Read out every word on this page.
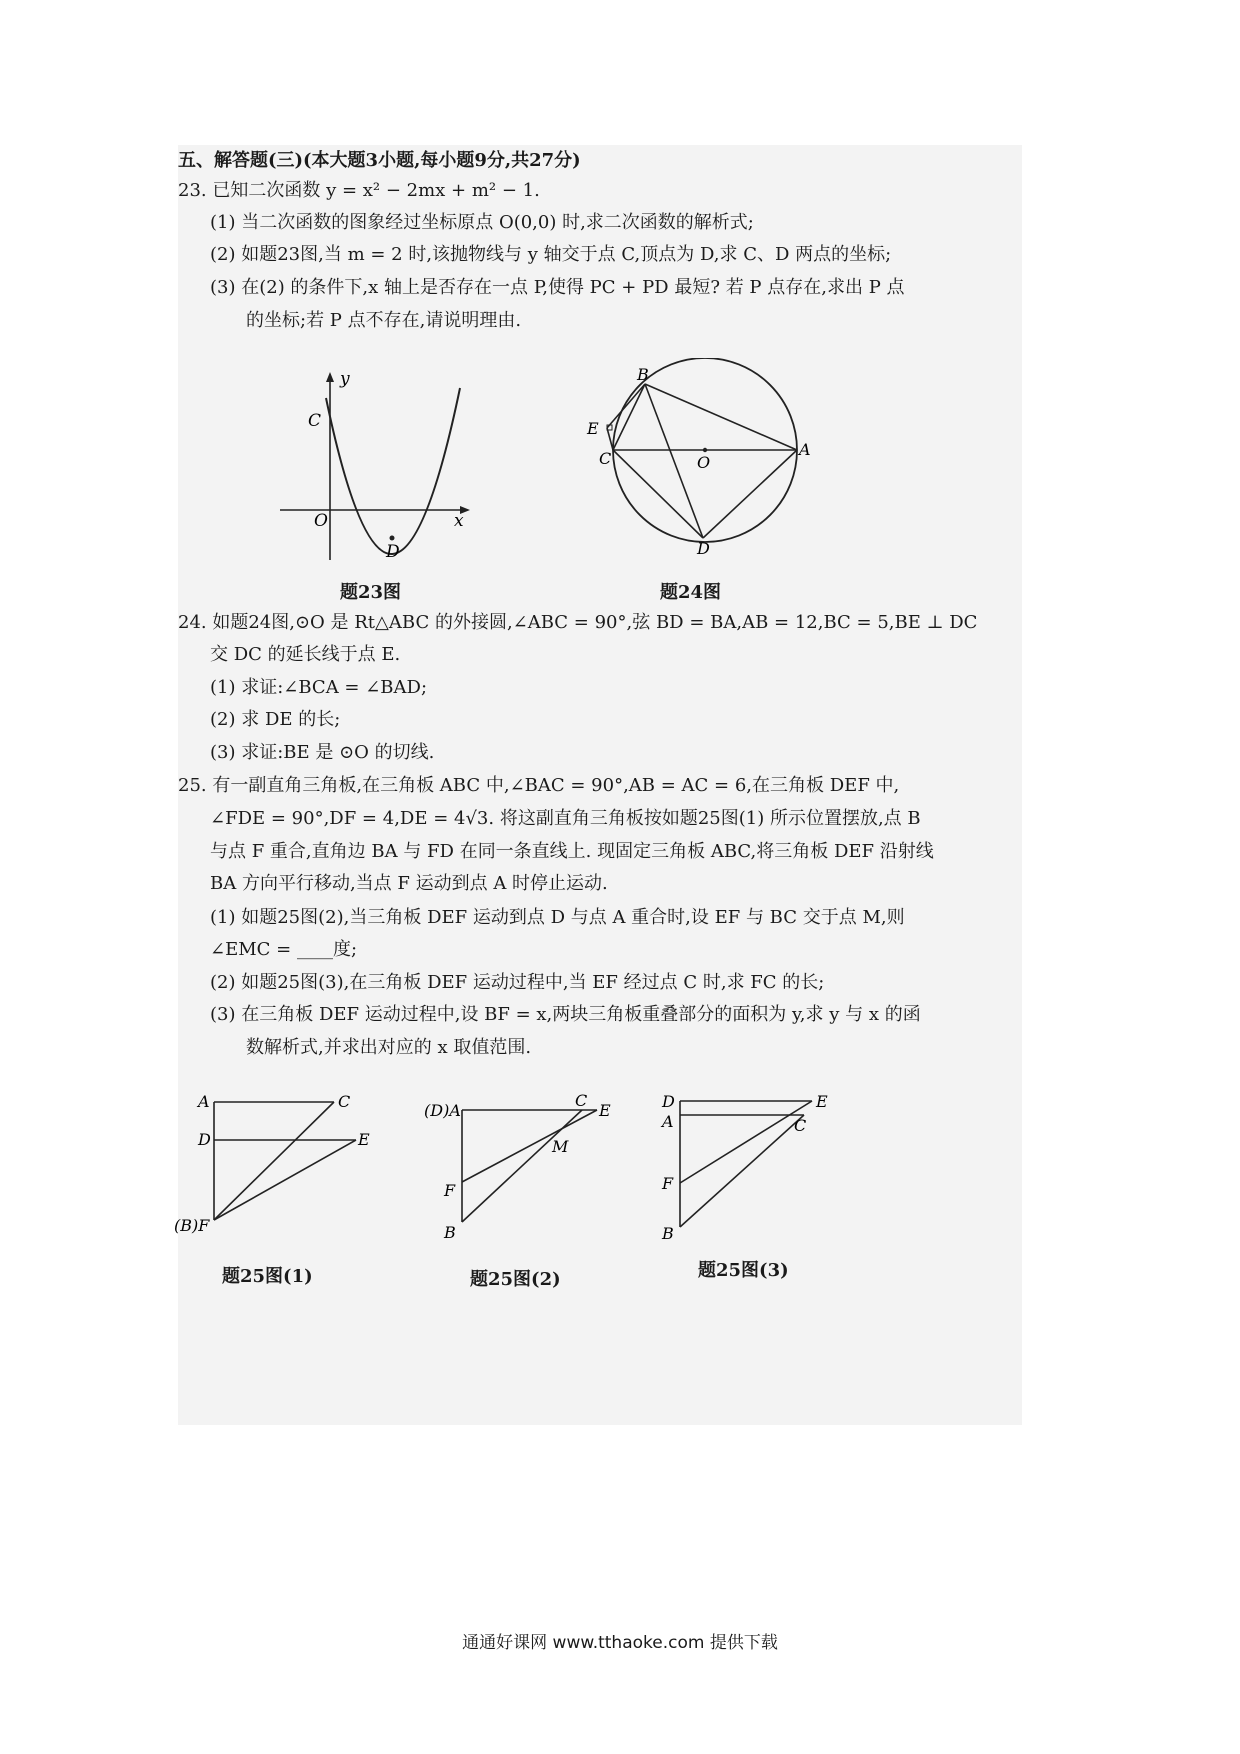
五、解答题(三)(本大题3小题,每小题9分,共27分)
23. 已知二次函数 y = x² − 2mx + m² − 1.
(1) 当二次函数的图象经过坐标原点 O(0,0) 时,求二次函数的解析式;
(2) 如题23图,当 m = 2 时,该抛物线与 y 轴交于点 C,顶点为 D,求 C、D 两点的坐标;
(3) 在(2) 的条件下,x 轴上是否存在一点 P,使得 PC + PD 最短? 若 P 点存在,求出 P 点
的坐标;若 P 点不存在,请说明理由.
y
x
O
C
D
题23图
B
E
C	O
A
D
题24图
24. 如题24图,⊙O 是 Rt△ABC 的外接圆,∠ABC = 90°,弦 BD = BA,AB = 12,BC = 5,BE ⊥ DC
交 DC 的延长线于点 E.
(1) 求证:∠BCA = ∠BAD;
(2) 求 DE 的长;
(3) 求证:BE 是 ⊙O 的切线.
25. 有一副直角三角板,在三角板 ABC 中,∠BAC = 90°,AB = AC = 6,在三角板 DEF 中,
∠FDE = 90°,DF = 4,DE = 4√3. 将这副直角三角板按如题25图(1) 所示位置摆放,点 B
与点 F 重合,直角边 BA 与 FD 在同一条直线上. 现固定三角板 ABC,将三角板 DEF 沿射线
BA 方向平行移动,当点 F 运动到点 A 时停止运动.
(1) 如题25图(2),当三角板 DEF 运动到点 D 与点 A 重合时,设 EF 与 BC 交于点 M,则
∠EMC = ____度;
(2) 如题25图(3),在三角板 DEF 运动过程中,当 EF 经过点 C 时,求 FC 的长;
(3) 在三角板 DEF 运动过程中,设 BF = x,两块三角板重叠部分的面积为 y,求 y 与 x 的函
数解析式,并求出对应的 x 取值范围.
A	C
D	E
(B)F
题25图(1)
(D)A
C
E
M
F
B
题25图(2)
D	E
A	C
F
B
题25图(3)
通通好课网 www.tthaoke.com 提供下载
